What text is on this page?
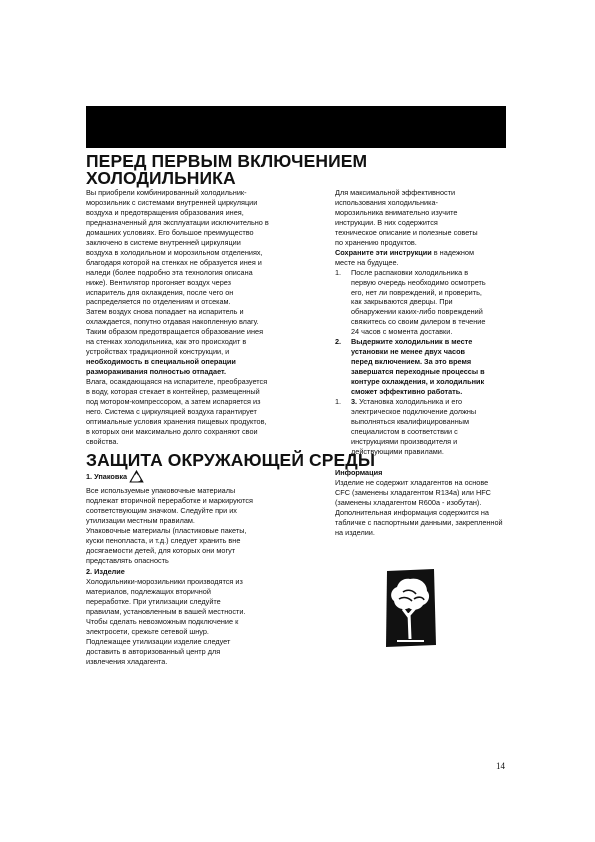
ПЕРЕД ПЕРВЫМ ВКЛЮЧЕНИЕМ
ХОЛОДИЛЬНИКА

Вы приобрели комбинированный холодильник-

морозильник с системами внутренней циркуляции

воздуха и предотвращения образования инея,

предназначенный для эксплуатации исключительно в

домашних условиях. Его большое преимущество

заключено в системе внутренней циркуляции

воздуха в холодильном и морозильном отделениях,

благодаря которой на стенках не образуется инея и

наледи (более подробно эта технология описана

ниже). Вентилятор прогоняет воздух через

испаритель для охлаждения, после чего он

распределяется по отделениям и отсекам.

Затем воздух снова попадает на испаритель и

охлаждается, попутно отдавая накопленную влагу.

Таким образом предотвращается образование инея

на стенках холодильника, как это происходит в

устройствах традиционной конструкции, и

необходимость в специальной операции

размораживания полностью отпадает.

Влага, осаждающаяся на испарителе, преобразуется

в воду, которая стекает в контейнер, размещенный

под мотором-компрессором, а затем испаряется из

него. Система с циркуляцией воздуха гарантирует

оптимальные условия хранения пищевых продуктов,

в которых они максимально долго сохраняют свои

свойства.

Для максимальной эффективности

использования холодильника-

морозильника внимательно изучите

инструкции. В них содержится

техническое описание и полезные советы

по хранению продуктов.

Сохраните эти инструкции в надежном

месте на будущее.

1.	После распаковки холодильника в

первую очередь необходимо осмотреть

его, нет ли повреждений, и проверить,

как закрываются дверцы. При

обнаружении каких-либо повреждений

свяжитесь со своим дилером в течение

24 часов с момента доставки.

2.	Выдержите холодильник в месте

установки не менее двух часов

перед включением. За это время

завершатся переходные процессы в

контуре охлаждения, и холодильник

сможет эффективно работать.

1.	3. Установка холодильника и его

электрическое подключение должны

выполняться квалифицированным

специалистом в соответствии с

инструкциями производителя и

действующими правилами.

ЗАЩИТА ОКРУЖАЮЩЕЙ СРЕДЫ

1. Упаковка

Все используемые упаковочные материалы

подлежат вторичной переработке и маркируются

соответствующим значком. Следуйте при их

утилизации местным правилам.

Упаковочные материалы (пластиковые пакеты,

куски пенопласта, и т.д.) следует хранить вне

досягаемости детей, для которых они могут

представлять опасность

2. Изделие

Холодильники-морозильники производятся из

материалов, подлежащих вторичной

переработке. При утилизации следуйте

правилам, установленным в вашей местности.

Чтобы сделать невозможным подключение к

электросети, срежьте сетевой шнур.

Подлежащее утилизации изделие следует

доставить в авторизованный центр для

извлечения хладагента.

Информация

Изделие не содержит хладагентов на основе

CFC (заменены хладагентом R134a) или HFC

(заменены хладагентом R600a - изобутан).

Дополнительная информация содержится на

табличке с паспортными данными, закрепленной

на изделии.

14
